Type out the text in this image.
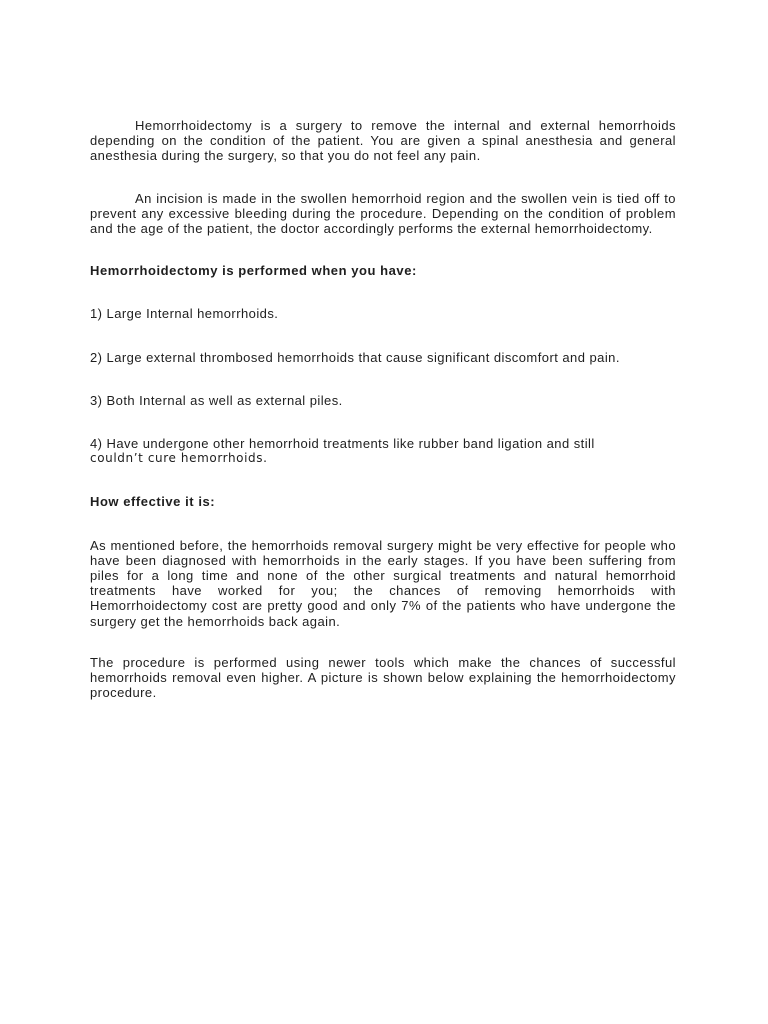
Hemorrhoidectomy is a surgery to remove the internal and external hemorrhoids depending on the condition of the patient. You are given a spinal anesthesia and general anesthesia during the surgery, so that you do not feel any pain.

An incision is made in the swollen hemorrhoid region and the swollen vein is tied off to prevent any excessive bleeding during the procedure. Depending on the condition of problem and the age of the patient, the doctor accordingly performs the external hemorrhoidectomy.

Hemorrhoidectomy is performed when you have:

1) Large Internal hemorrhoids.

2) Large external thrombosed hemorrhoids that cause significant discomfort and pain.

3) Both Internal as well as external piles.

4) Have undergone other hemorrhoid treatments like rubber band ligation and still
couldn’t cure hemorrhoids.

How effective it is:

As mentioned before, the hemorrhoids removal surgery might be very effective for people who have been diagnosed with hemorrhoids in the early stages. If you have been suffering from piles for a long time and none of the other surgical treatments and natural hemorrhoid treatments have worked for you; the chances of removing hemorrhoids with Hemorrhoidectomy cost are pretty good and only 7% of the patients who have undergone the surgery get the hemorrhoids back again.

The procedure is performed using newer tools which make the chances of successful hemorrhoids removal even higher. A picture is shown below explaining the hemorrhoidectomy procedure.
